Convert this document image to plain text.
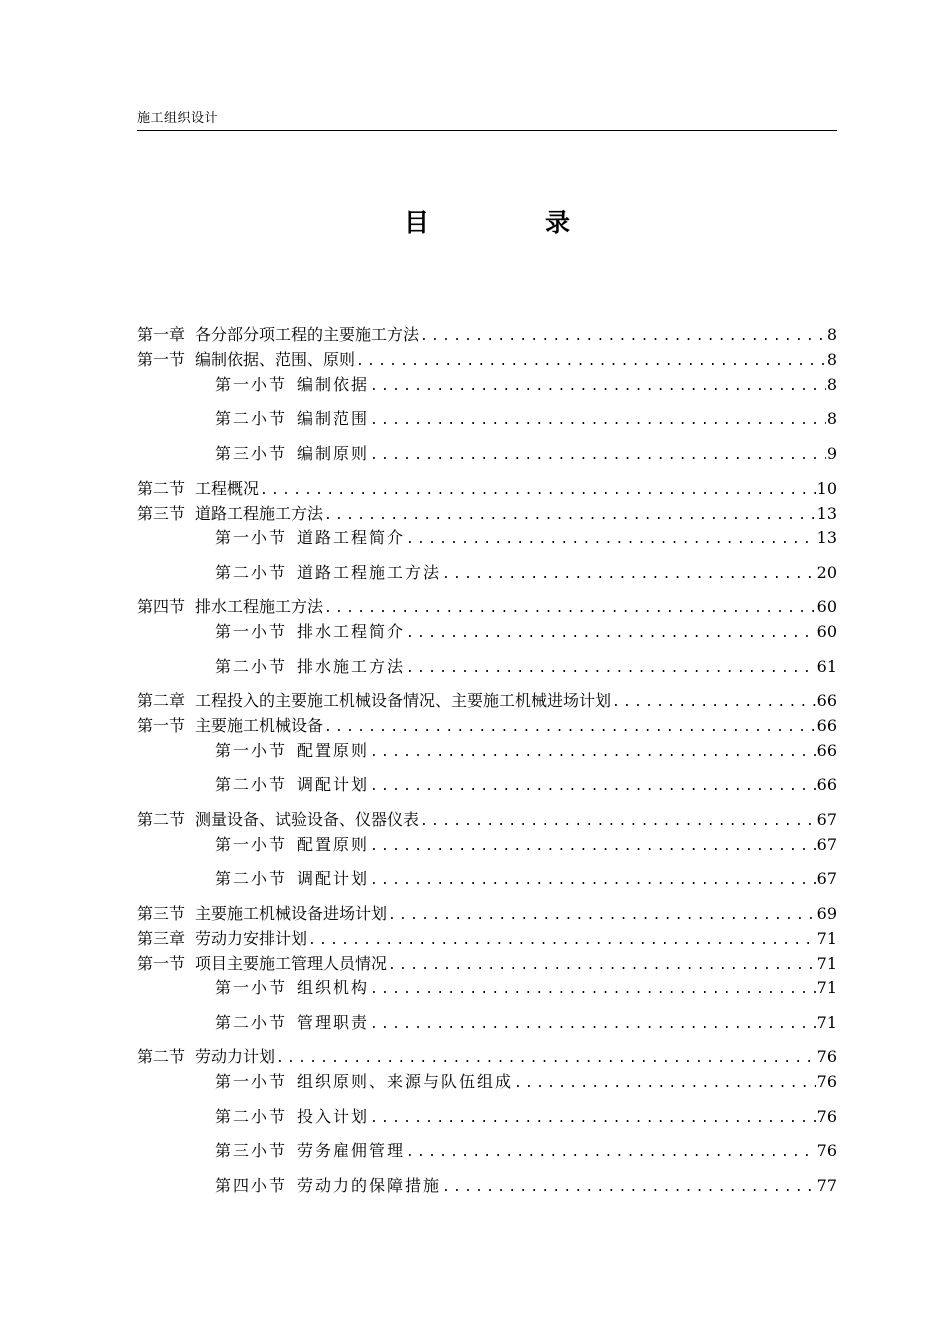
施工组织设计
目	录
第一章 各分部分项工程的主要施工方法 .....	8
第一节 编制依据、范围、原则 .....	8
第一小节 编制依据 .....	8
第二小节 编制范围 .....	8
第三小节 编制原则 .....	9
第二节 工程概况 .....	10
第三节 道路工程施工方法 .....	13
第一小节 道路工程简介 .....	13
第二小节 道路工程施工方法 .....	20
第四节 排水工程施工方法 .....	60
第一小节 排水工程简介 .....	60
第二小节 排水施工方法 .....	61
第二章 工程投入的主要施工机械设备情况、主要施工机械进场计划 .....	66
第一节 主要施工机械设备 .....	66
第一小节 配置原则 .....	66
第二小节 调配计划 .....	66
第二节 测量设备、试验设备、仪器仪表 .....	67
第一小节 配置原则 .....	67
第二小节 调配计划 .....	67
第三节 主要施工机械设备进场计划 .....	69
第三章 劳动力安排计划 .....	71
第一节 项目主要施工管理人员情况 .....	71
第一小节 组织机构 .....	71
第二小节 管理职责 .....	71
第二节 劳动力计划 .....	76
第一小节 组织原则、来源与队伍组成 .....	76
第二小节 投入计划 .....	76
第三小节 劳务雇佣管理 .....	76
第四小节 劳动力的保障措施 .....	77
